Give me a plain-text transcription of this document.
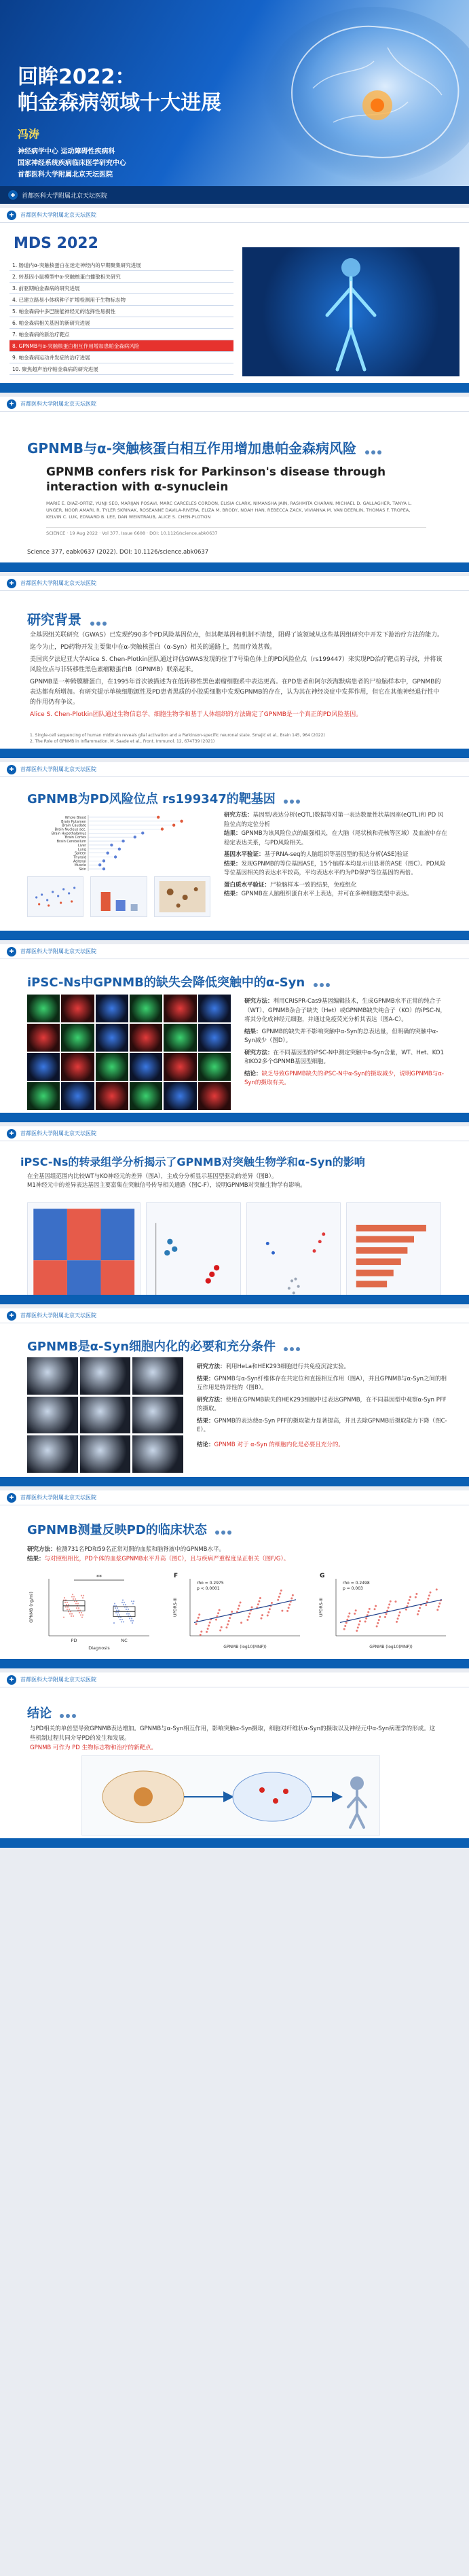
回眸2022：
帕金森病领域十大进展
冯涛
神经病学中心 运动障碍性疾病科
国家神经系统疾病临床医学研究中心
首都医科大学附属北京天坛医院
✚	首都医科大学附属北京天坛医院
✚	首都医科大学附属北京天坛医院
MDS 2022
1. 肠道内α-突触核蛋白在迷走神经内的早期聚集研究进展
2. 转基因小鼠模型中α-突触核蛋白播散相关研究
3. 前驱期帕金森病的研究进展
4. 已建立路易小体病种子扩增检测用于生物标志物
5. 帕金森病中多巴胺能神经元的选择性易损性
6. 帕金森病相关基因的新研究进展
7. 帕金森病的新治疗靶点
8. GPNMB与α-突触核蛋白相互作用增加患帕金森病风险
9. 帕金森病运动并发症的治疗进展
10. 聚焦超声治疗帕金森病的研究进展
✚	首都医科大学附属北京天坛医院
GPNMB与α-突触核蛋白相互作用增加患帕金森病风险
GPNMB confers risk for Parkinson's disease through interaction with α-synuclein
MARIE E. DIAZ-ORTIZ, YUNJI SEO, MARIJAN POSAVI, MARC CARCELES CORDON, ELISIA CLARK, NIMANSHA JAIN, RASHMITA CHARAN, MICHAEL D. GALLAGHER, TANYA L. UNGER, NOOR AMARI, R. TYLER SKRINAK, ROSEANNE DAVILA-RIVERA, ELIZA M. BRODY, NOAH HAN, REBECCA ZACK, VIVIANNA M. VAN DEERLIN, THOMAS F. TROPEA, KELVIN C. LUK, EDWARD B. LEE, DAN WEINTRAUB, ALICE S. CHEN-PLOTKIN
SCIENCE · 19 Aug 2022 · Vol 377, Issue 6608 · DOI: 10.1126/science.abk0637
Science 377, eabk0637 (2022). DOI: 10.1126/science.abk0637
✚	首都医科大学附属北京天坛医院
研究背景

全基因组关联研究（GWAS）已发现约90多个PD风险基因位点，但其靶基因和机制不清楚，阻碍了该领域从这些基因组研究中开发下游治疗方法的能力。

迄今为止，PD药物开发主要集中在α-突触核蛋白（α-Syn）相关的通路上，然而疗效甚微。

美国宾夕法尼亚大学Alice S. Chen-Plotkin团队通过评估GWAS发现的位于7号染色体上的PD风险位点（rs199447）来实现PD治疗靶点的寻找，并将该风险位点与非转移性黑色素瘤糖蛋白B（GPNMB）联系起来。

GPNMB是一种跨膜糖蛋白，在1995年首次被描述为在低转移性黑色素瘤细胞系中表达更高。在PD患者和阿尔茨海默病患者的尸检脑样本中，GPNMB的表达都有所增加。有研究提示单核细胞源性及PD患者黑质的小胶质细胞中发现GPNMB的存在，认为其在神经炎症中发挥作用，但它在其他神经退行性中的作用仍有争议。

Alice S. Chen-Plotkin团队通过生物信息学、细胞生物学和基于人体组织的方法确定了GPNMB是一个真正的PD风险基因。

1. Single-cell sequencing of human midbrain reveals glial activation and a Parkinson-specific neuronal state. Smajić et al., Brain 145, 964 (2022)
2. The Role of GPNMB in Inflammation. M. Saade et al., Front. Immunol. 12, 674739 (2021)
✚	首都医科大学附属北京天坛医院
GPNMB为PD风险位点 rs199347的靶基因
Whole Blood
Brain Putamen
Brain Caudate
Brain Nucleus acc.
Brain Hypothalamus
Brain Cortex
Brain Cerebellum
Liver
Lung
Spleen
Thyroid
Adrenal
Muscle
Skin
研究方法：基因型/表达分析(eQTL)数据等对第一表达数量性状基因座(eQTL)和 PD 风险位点的定位分析
结果：GPNMB为该风险位点的最强相关，在大脑（尾状核和壳核等区域）及血液中存在稳定表达关系，与PD风险相关。
基因水平验证：基于RNA-seq的人脑组织等基因型的表达分析(ASE)验证
结果：发现GPNMB的等位基因ASE，15个脑样本均显示出显著的ASE（图C）。PD风险等位基因相关的表达水平较高，平均表达水平约为PD保护等位基因的两倍。
蛋白质水平验证：尸检脑样本一致的结果，免疫组化
结果：GPNMB在人脑组织蛋白水平上表达，并可在多种细胞类型中表达。
✚	首都医科大学附属北京天坛医院
iPSC-Ns中GPNMB的缺失会降低突触中的α-Syn
研究方法：利用CRISPR-Cas9基因编辑技术，生成GPNMB水平正常的纯合子（WT）、GPNMB杂合子缺失（Het）或GPNMB缺失纯合子（KO）的iPSC-N，将其分化成神经元细胞，并通过免疫荧光分析其表达（图A-C）。
结果：GPNMB的缺失并不影响突触中α-Syn的总表达量，但明确的突触中α-Syn减少（图D）。
研究方法：在不同基因型的iPSC-N中测定突触中α-Syn含量，WT、Het、KO1和KO2多个GPNMB基因型细胞。
结论：缺乏导致GPNMB缺失的iPSC-N中α-Syn的摄取减少，说明GPNMB与α-Syn的摄取有关。
✚	首都医科大学附属北京天坛医院
iPSC-Ns的转录组学分析揭示了GPNMB对突触生物学和α-Syn的影响
在全基因组范围内比较WT与KO神经元的差异（图A），主成分分析显示基因型驱动的差异（图B）。
M1神经元中的差异表达基因主要富集在突触信号传导相关通路（图C-F），说明GPNMB对突触生物学有影响。
✚	首都医科大学附属北京天坛医院
GPNMB是α-Syn细胞内化的必要和充分条件
研究方法：利用HeLa和HEK293细胞进行共免疫沉淀实验。
结果：GPNMB与α-Syn纤维体存在共定位和直接相互作用（图A），并且GPNMB与α-Syn之间的相互作用是特异性的（图B）。
研究方法：使用在GPNMB缺失的HEK293细胞中过表达GPNMB，在不同基因型中观察α-Syn PFF的摄取。
结果：GPNMB的表达使α-Syn PFF的摄取能力显著提高，并且去除GPNMB后摄取能力下降（图C-E）。
结论：GPNMB 对于 α-Syn 的细胞内化是必要且充分的。
✚	首都医科大学附属北京天坛医院
GPNMB测量反映PD的临床状态
研究方法：检测731名PD和59名正常对照的血浆和脑脊液中的GPNMB水平。
结果：与对照组相比，PD个体的血浆GPNMB水平升高（图C），且与疾病严重程度呈正相关（图F/G）。
GPNMB (ng/ml)
Diagnosis
PD	NC
**	F
UPDRS-III
GPNMB (log10(MNP))
rho = 0.2975
p < 0.0001
G
UPDRS-III
GPNMB (log10(MNP))
rho = 0.2498
p = 0.003
✚	首都医科大学附属北京天坛医院
结论
与PD相关的单倍型导致GPNMB表达增加。GPNMB与α-Syn相互作用，影响突触α-Syn摄取，细胞对纤维状α-Syn的摄取以及神经元中α-Syn病理学的形成。这些机制过程共同介导PD的发生和发展。
GPNMB 可作为 PD 生物标志物和治疗的新靶点。
